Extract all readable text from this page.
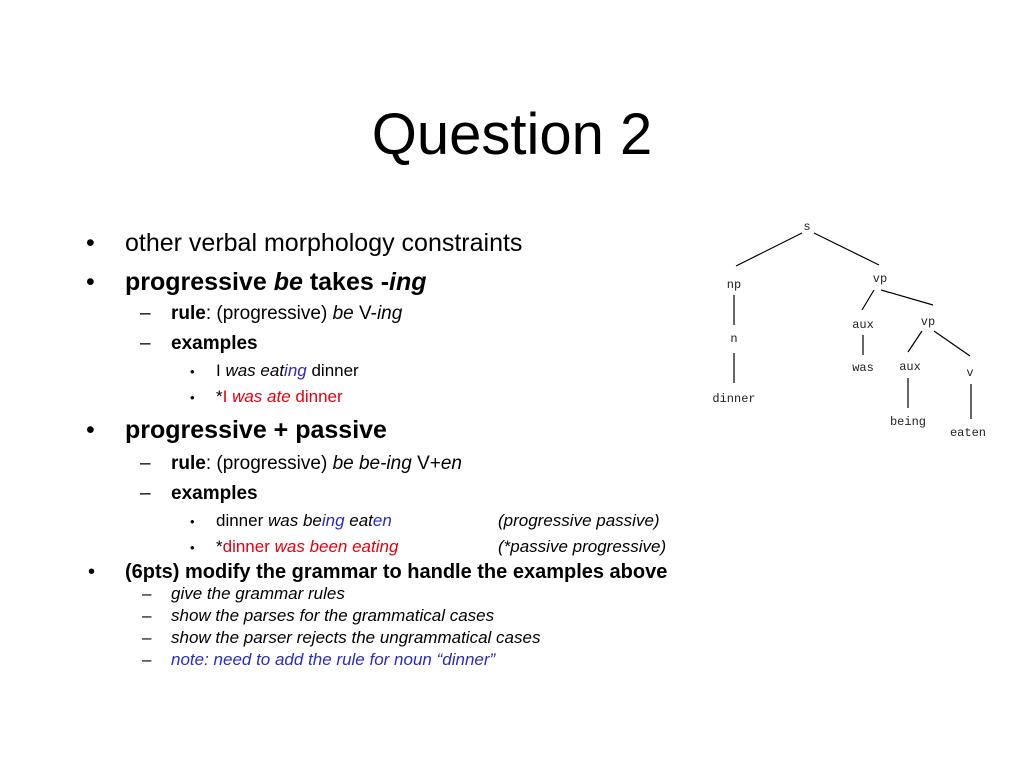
Question 2
• other verbal morphology constraints
• progressive be takes -ing
– rule: (progressive) be V-ing
– examples
• I was eating dinner
• *I was ate dinner
• progressive + passive
– rule: (progressive) be be-ing V+en
– examples
• dinner was being eaten	(progressive passive)
• *dinner was been eating	(*passive progressive)
• (6pts) modify the grammar to handle the examples above
– give the grammar rules
– show the parses for the grammatical cases
– show the parser rejects the ungrammatical cases
– note: need to add the rule for noun “dinner”
s
np	vp
n
dinner
aux	vp
was aux	v
being
eaten
